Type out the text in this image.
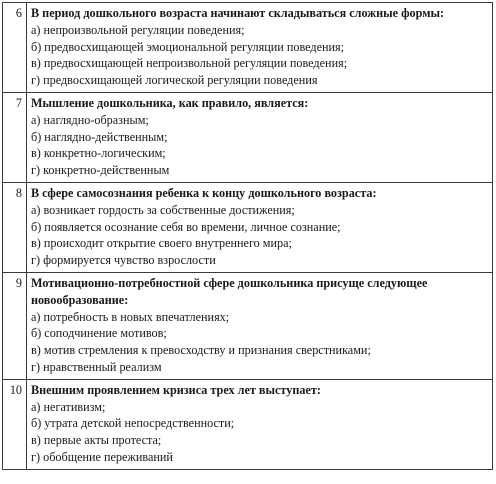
6	В период дошкольного возраста начинают складываться сложные формы:
а) непроизвольной регуляции поведения;
б) предвосхищающей эмоциональной регуляции поведения;
в) предвосхищающей непроизвольной регуляции поведения;
г) предвосхищающей логической регуляции поведения

7	Мышление дошкольника, как правило, является:
а) наглядно-образным;
б) наглядно-действенным;
в) конкретно-логическим;
г) конкретно-действенным

8	В сфере самосознания ребенка к концу дошкольного возраста:
а) возникает гордость за собственные достижения;
б) появляется осознание себя во времени, личное сознание;
в) происходит открытие своего внутреннего мира;
г) формируется чувство взрослости

9	Мотивационно-потребностной сфере дошкольника присуще следующее новообразование:
а) потребность в новых впечатлениях;
б) соподчинение мотивов;
в) мотив стремления к превосходству и признания сверстниками;
г) нравственный реализм

10	Внешним проявлением кризиса трех лет выступает:
а) негативизм;
б) утрата детской непосредственности;
в) первые акты протеста;
г) обобщение переживаний
